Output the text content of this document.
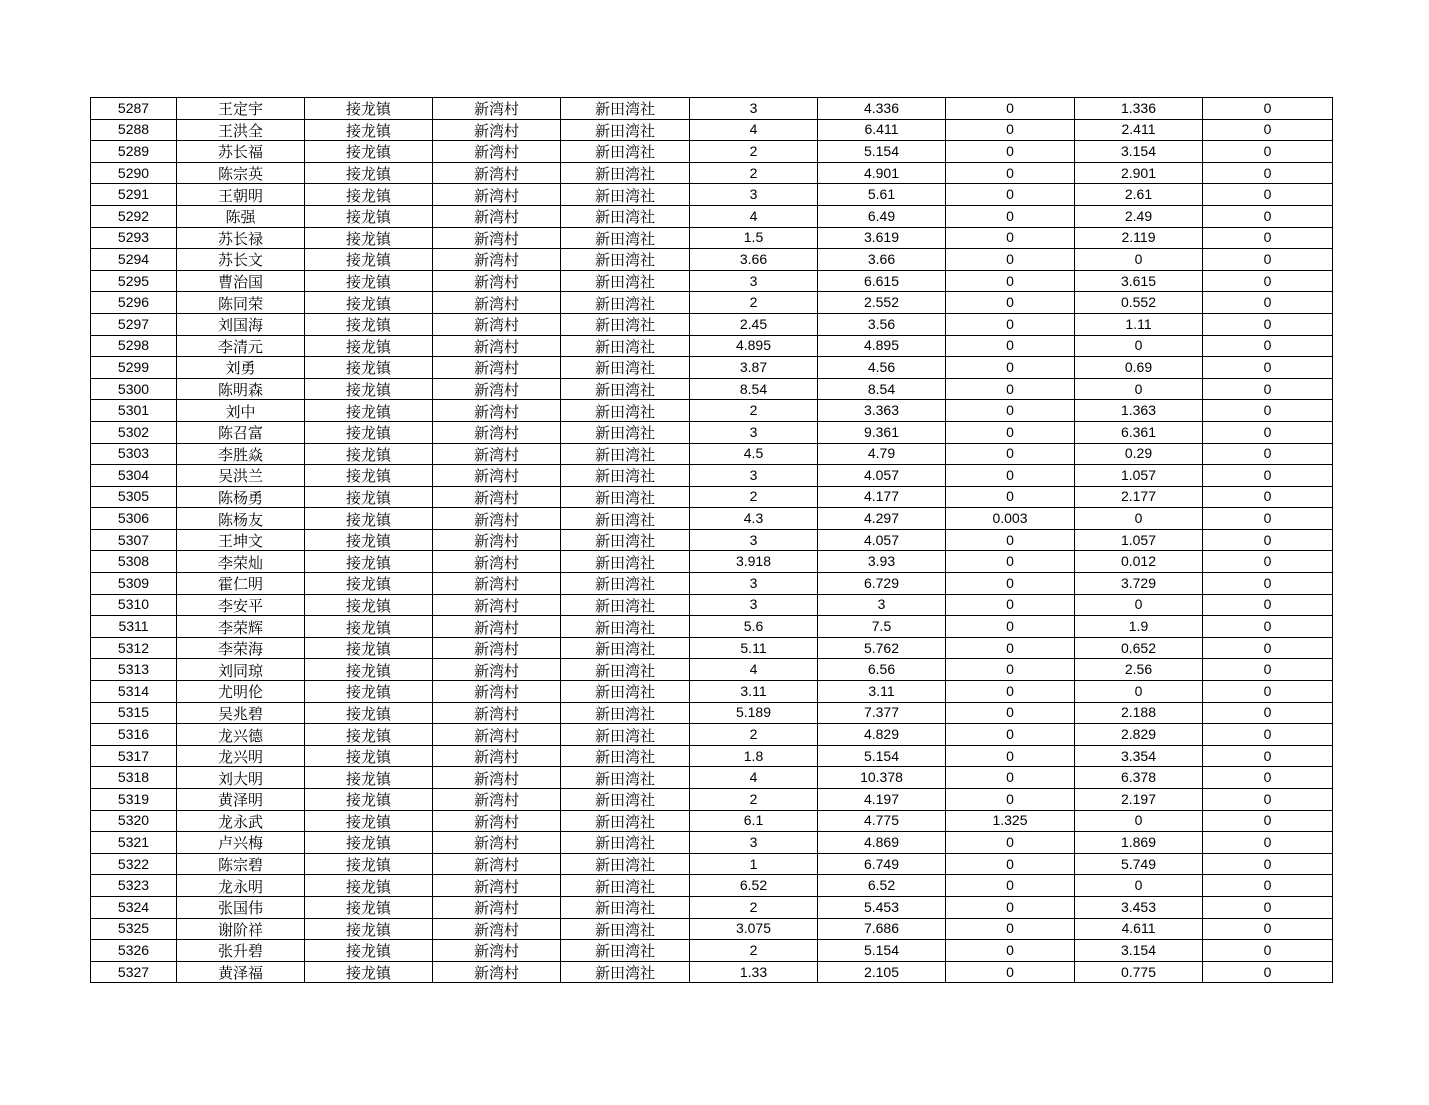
5287	王定宇	接龙镇	新湾村	新田湾社	3	4.336	0	1.336	0
5288	王洪全	接龙镇	新湾村	新田湾社	4	6.411	0	2.411	0
5289	苏长福	接龙镇	新湾村	新田湾社	2	5.154	0	3.154	0
5290	陈宗英	接龙镇	新湾村	新田湾社	2	4.901	0	2.901	0
5291	王朝明	接龙镇	新湾村	新田湾社	3	5.61	0	2.61	0
5292	陈强	接龙镇	新湾村	新田湾社	4	6.49	0	2.49	0
5293	苏长禄	接龙镇	新湾村	新田湾社	1.5	3.619	0	2.119	0
5294	苏长文	接龙镇	新湾村	新田湾社	3.66	3.66	0	0	0
5295	曹治国	接龙镇	新湾村	新田湾社	3	6.615	0	3.615	0
5296	陈同荣	接龙镇	新湾村	新田湾社	2	2.552	0	0.552	0
5297	刘国海	接龙镇	新湾村	新田湾社	2.45	3.56	0	1.11	0
5298	李清元	接龙镇	新湾村	新田湾社	4.895	4.895	0	0	0
5299	刘勇	接龙镇	新湾村	新田湾社	3.87	4.56	0	0.69	0
5300	陈明森	接龙镇	新湾村	新田湾社	8.54	8.54	0	0	0
5301	刘中	接龙镇	新湾村	新田湾社	2	3.363	0	1.363	0
5302	陈召富	接龙镇	新湾村	新田湾社	3	9.361	0	6.361	0
5303	李胜焱	接龙镇	新湾村	新田湾社	4.5	4.79	0	0.29	0
5304	吴洪兰	接龙镇	新湾村	新田湾社	3	4.057	0	1.057	0
5305	陈杨勇	接龙镇	新湾村	新田湾社	2	4.177	0	2.177	0
5306	陈杨友	接龙镇	新湾村	新田湾社	4.3	4.297	0.003	0	0
5307	王坤文	接龙镇	新湾村	新田湾社	3	4.057	0	1.057	0
5308	李荣灿	接龙镇	新湾村	新田湾社	3.918	3.93	0	0.012	0
5309	霍仁明	接龙镇	新湾村	新田湾社	3	6.729	0	3.729	0
5310	李安平	接龙镇	新湾村	新田湾社	3	3	0	0	0
5311	李荣辉	接龙镇	新湾村	新田湾社	5.6	7.5	0	1.9	0
5312	李荣海	接龙镇	新湾村	新田湾社	5.11	5.762	0	0.652	0
5313	刘同琼	接龙镇	新湾村	新田湾社	4	6.56	0	2.56	0
5314	尤明伦	接龙镇	新湾村	新田湾社	3.11	3.11	0	0	0
5315	吴兆碧	接龙镇	新湾村	新田湾社	5.189	7.377	0	2.188	0
5316	龙兴德	接龙镇	新湾村	新田湾社	2	4.829	0	2.829	0
5317	龙兴明	接龙镇	新湾村	新田湾社	1.8	5.154	0	3.354	0
5318	刘大明	接龙镇	新湾村	新田湾社	4	10.378	0	6.378	0
5319	黄泽明	接龙镇	新湾村	新田湾社	2	4.197	0	2.197	0
5320	龙永武	接龙镇	新湾村	新田湾社	6.1	4.775	1.325	0	0
5321	卢兴梅	接龙镇	新湾村	新田湾社	3	4.869	0	1.869	0
5322	陈宗碧	接龙镇	新湾村	新田湾社	1	6.749	0	5.749	0
5323	龙永明	接龙镇	新湾村	新田湾社	6.52	6.52	0	0	0
5324	张国伟	接龙镇	新湾村	新田湾社	2	5.453	0	3.453	0
5325	谢阶祥	接龙镇	新湾村	新田湾社	3.075	7.686	0	4.611	0
5326	张升碧	接龙镇	新湾村	新田湾社	2	5.154	0	3.154	0
5327	黄泽福	接龙镇	新湾村	新田湾社	1.33	2.105	0	0.775	0
